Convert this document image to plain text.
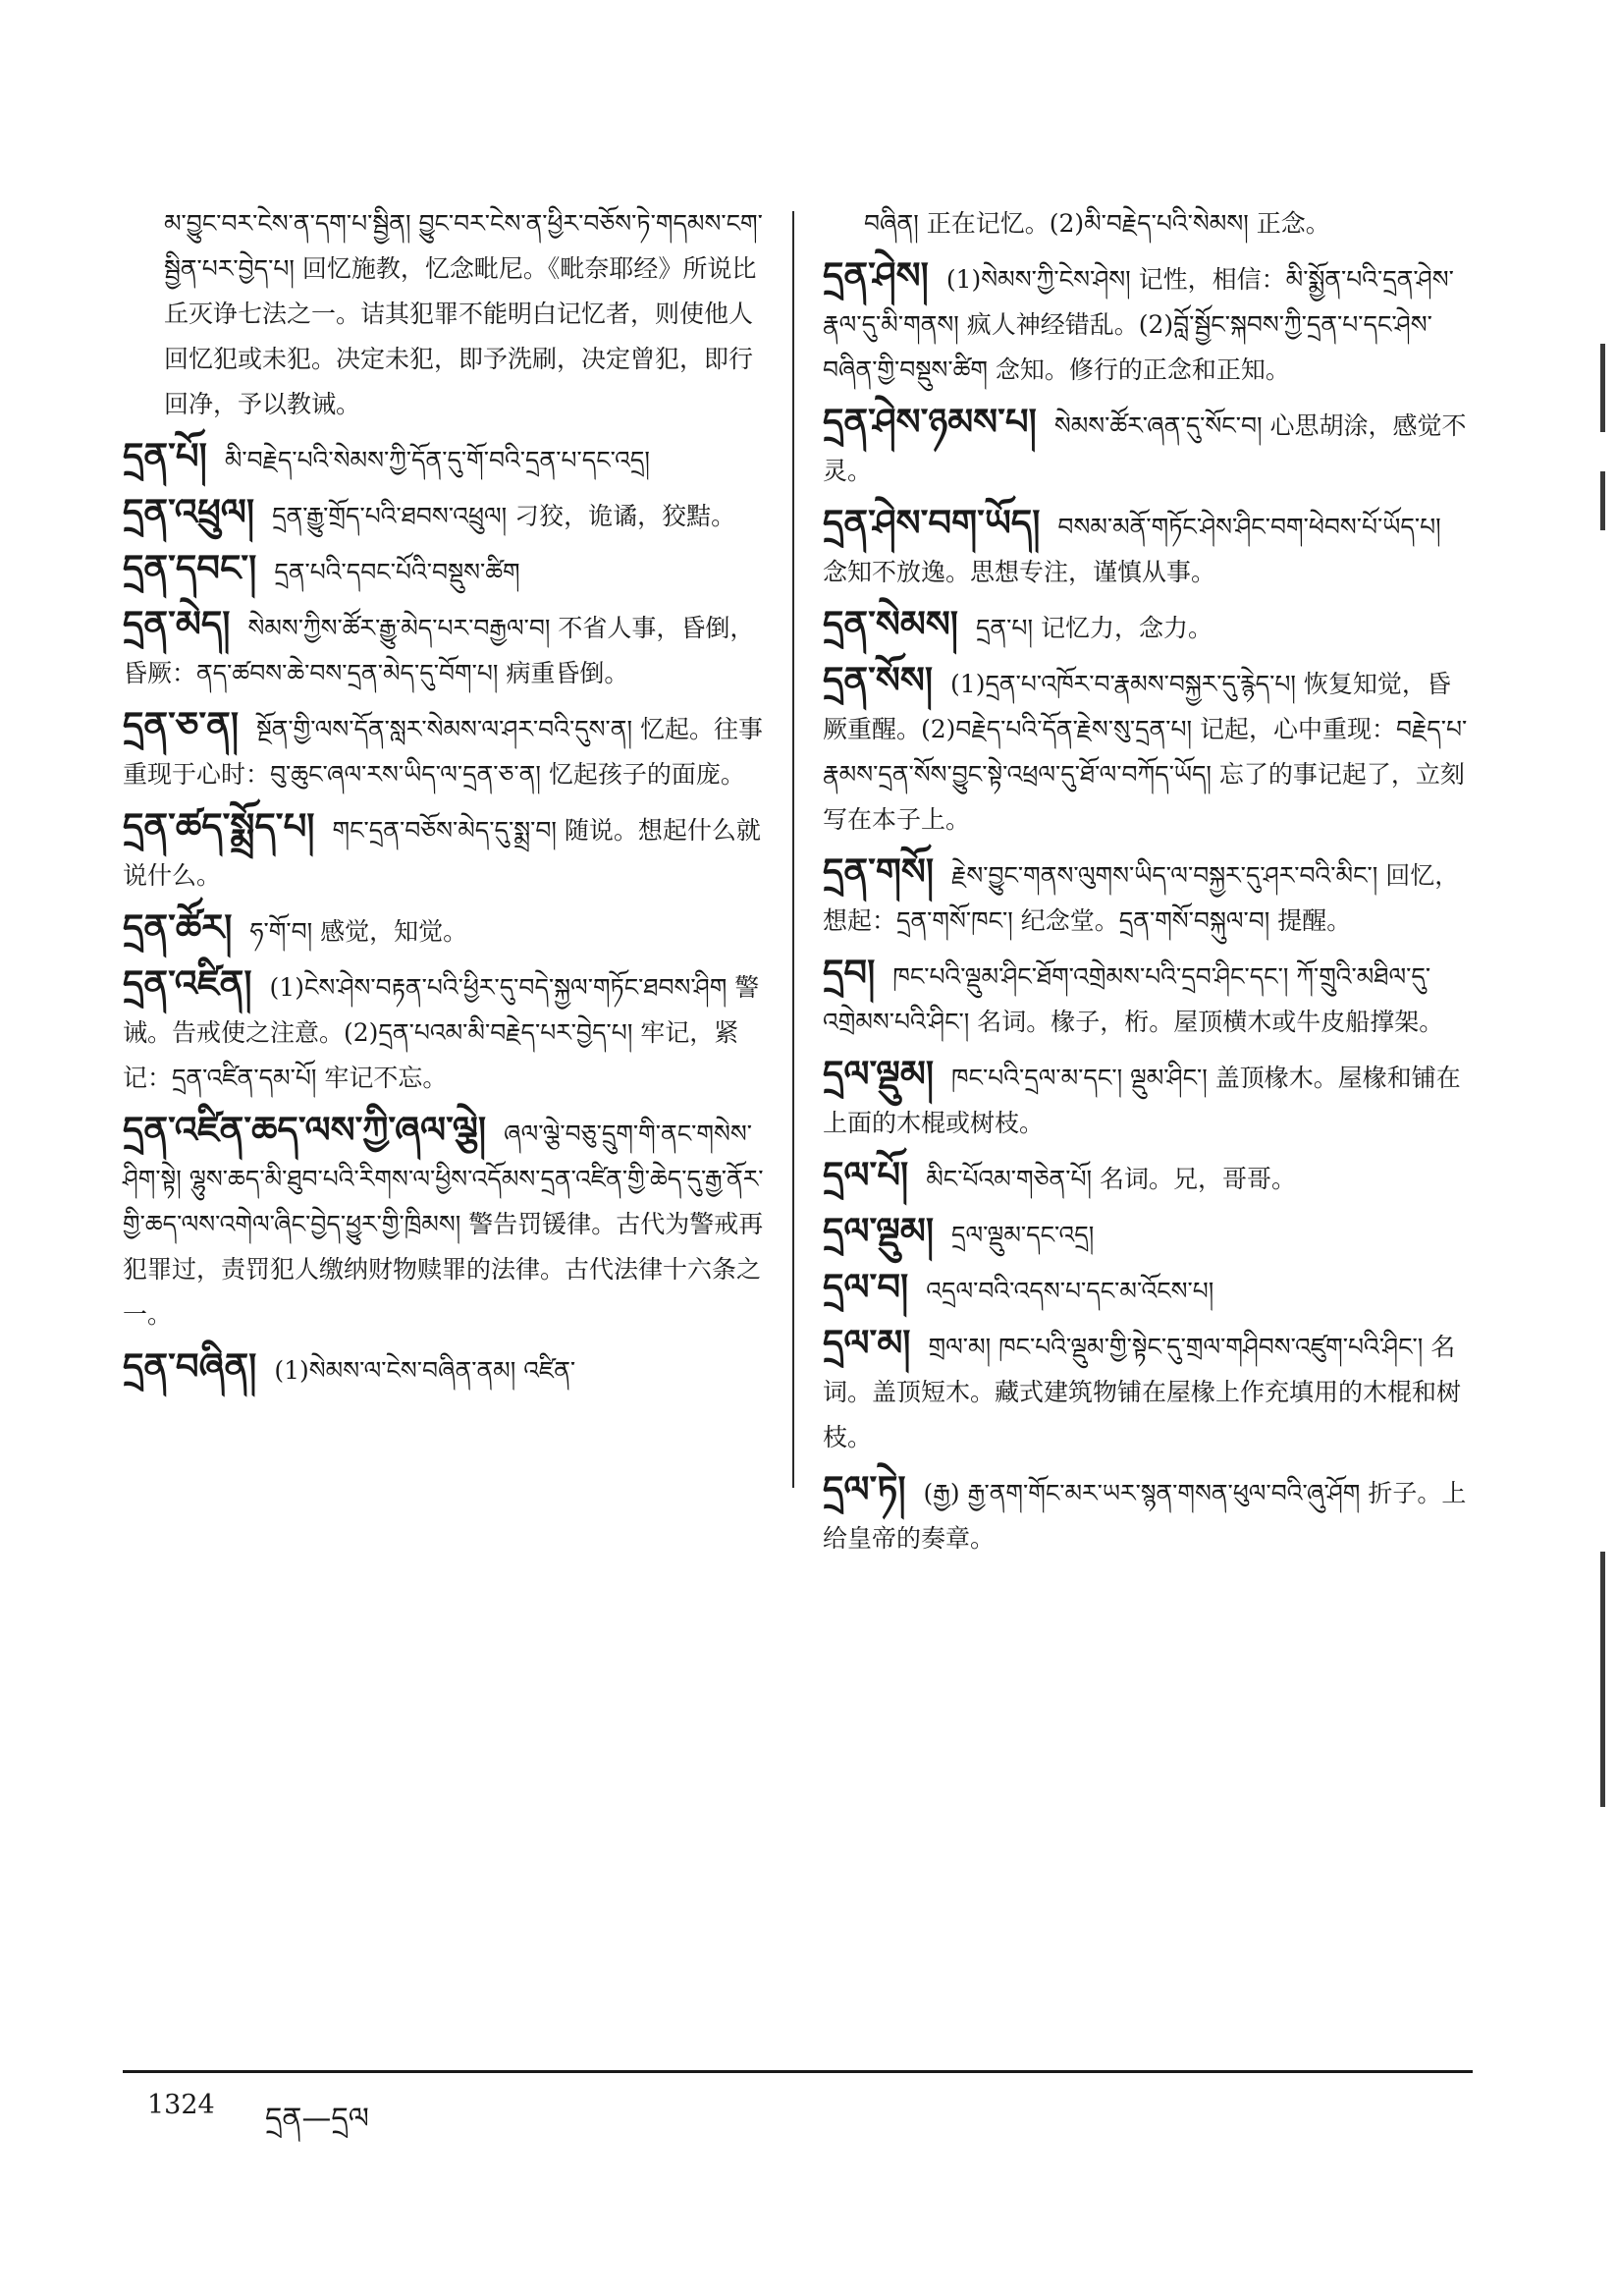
མ་བྱུང་བར་ངེས་ན་དག་པ་སྦྱིན། བྱུང་བར་ངེས་ན་ཕྱིར་བཅོས་ཏེ་གདམས་ངག་སྦྱིན་པར་བྱེད་པ། 回忆施教，忆念毗尼。《毗奈耶经》所说比丘灭诤七法之一。诘其犯罪不能明白记忆者，则使他人回忆犯或未犯。决定未犯，即予洗刷，决定曾犯，即行回净，予以教诫。
དྲན་པོ། མི་བརྗེད་པའི་སེམས་ཀྱི་དོན་དུ་གོ་བའི་དྲན་པ་དང་འདྲ།
དྲན་འཕྲུལ། དྲན་རྒྱུ་གྲོད་པའི་ཐབས་འཕྲུལ། 刁狡，诡谲，狡黠。
དྲན་དབང་། དྲན་པའི་དབང་པོའི་བསྡུས་ཚིག
དྲན་མེད། སེམས་ཀྱིས་ཚོར་རྒྱུ་མེད་པར་བརྒྱལ་བ། 不省人事，昏倒，昏厥：ནད་ཚབས་ཆེ་བས་དྲན་མེད་དུ་བོག་པ། 病重昏倒。
དྲན་ཅ་ན། སྔོན་གྱི་ལས་དོན་སླར་སེམས་ལ་ཤར་བའི་དུས་ན། 忆起。往事重现于心时：བུ་ཆུང་ཞལ་རས་ཡིད་ལ་དྲན་ཅ་ན། 忆起孩子的面庞。
དྲན་ཚད་སྨྲོད་པ། གང་དྲན་བཅོས་མེད་དུ་སྨྲ་བ། 随说。想起什么就说什么。
དྲན་ཚོར། ཧ་གོ་བ། 感觉，知觉。
དྲན་འཛིན། (1)ངེས་ཤེས་བརྟན་པའི་ཕྱིར་དུ་བདེ་སྐྱལ་གཏོང་ཐབས་ཤིག 警诫。告戒使之注意。(2)དྲན་པའམ་མི་བརྗེད་པར་བྱེད་པ། 牢记，紧记：དྲན་འཛིན་དམ་པོ། 牢记不忘。
དྲན་འཛིན་ཆད་ལས་ཀྱི་ཞལ་ལྕེ། ཞལ་ལྕེ་བཅུ་དྲུག་གི་ནང་གསེས་ཤིག་སྟེ། ལྷུས་ཆད་མི་ཐུབ་པའི་རིགས་ལ་ཕྱིས་འདོམས་དྲན་འཛིན་གྱི་ཆེད་དུ་རྒྱ་ནོར་གྱི་ཆད་ལས་འགེལ་ཞིང་བྱེད་ཕྱུར་གྱི་ཁྲིམས། 警告罚锾律。古代为警戒再犯罪过，责罚犯人缴纳财物赎罪的法律。古代法律十六条之一。
དྲན་བཞིན། (1)སེམས་ལ་ངེས་བཞིན་ནམ། འཛིན་
བཞིན། 正在记忆。(2)མི་བརྗེད་པའི་སེམས། 正念。
དྲན་ཤེས། (1)སེམས་ཀྱི་ངེས་ཤེས། 记性，相信：མི་སྨྱོན་པའི་དྲན་ཤེས་རྣལ་དུ་མི་གནས། 疯人神经错乱。(2)བློ་སྦྱོང་སྐབས་ཀྱི་དྲན་པ་དང་ཤེས་བཞིན་གྱི་བསྡུས་ཚིག 念知。修行的正念和正知。
དྲན་ཤེས་ཉམས་པ། སེམས་ཚོར་ཞན་དུ་སོང་བ། 心思胡涂，感觉不灵。
དྲན་ཤེས་བག་ཡོད། བསམ་མནོ་གཏོང་ཤེས་ཤིང་བག་ཕེབས་པོ་ཡོད་པ། 念知不放逸。思想专注，谨慎从事。
དྲན་སེམས། དྲན་པ། 记忆力，念力。
དྲན་སོས། (1)དྲན་པ་འཁོར་བ་རྣམས་བསྐྱར་དུ་རྙེད་པ། 恢复知觉，昏厥重醒。(2)བརྗེད་པའི་དོན་རྗེས་སུ་དྲན་པ། 记起，心中重现：བརྗེད་པ་རྣམས་དྲན་སོས་བྱུང་སྟེ་འཕྲལ་དུ་ཐོ་ལ་བཀོད་ཡོད། 忘了的事记起了，立刻写在本子上。
དྲན་གསོ། རྗེས་བྱུང་གནས་ལུགས་ཡིད་ལ་བསྐྱར་དུ་ཤར་བའི་མིང་། 回忆，想起：དྲན་གསོ་ཁང་། 纪念堂。དྲན་གསོ་བསྐུལ་བ། 提醒。
དྲབ། ཁང་པའི་ལྡུམ་ཤིང་ཐོག་འགྲེམས་པའི་དྲབ་ཤིང་དང་། ཀོ་གྲུའི་མཐིལ་དུ་འགྲེམས་པའི་ཤིང་། 名词。椽子，桁。屋顶横木或牛皮船撑架。
དྲལ་ལྡུམ། ཁང་པའི་དྲལ་མ་དང་། ལྡུམ་ཤིང་། 盖顶椽木。屋椽和铺在上面的木棍或树枝。
དྲལ་པོ། མིང་པོའམ་གཅེན་པོ། 名词。兄，哥哥。
དྲལ་ལྡུམ། དྲལ་ལྡུམ་དང་འདྲ།
དྲལ་བ། འདྲལ་བའི་འདས་པ་དང་མ་འོངས་པ།
དྲལ་མ། གྲལ་མ། ཁང་པའི་ལྡུམ་གྱི་སྟེང་དུ་གྲལ་གཤིབས་འཛུག་པའི་ཤིང་། 名词。盖顶短木。藏式建筑物铺在屋椽上作充填用的木棍和树枝。
དྲལ་ཏེ། (རྒྱ) རྒྱ་ནག་གོང་མར་ཡར་སྙན་གསན་ཕུལ་བའི་ཞུ་ཤོག 折子。上给皇帝的奏章。
1324 དྲན—དྲལ
